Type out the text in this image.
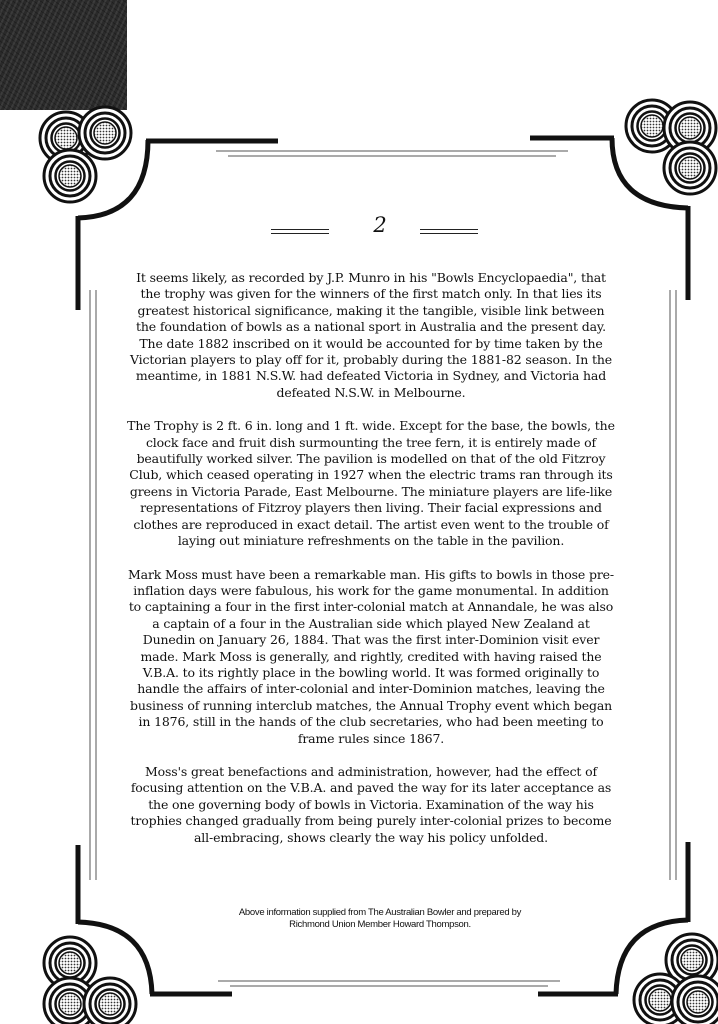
2

It seems likely, as recorded by J.P. Munro in his "Bowls Encyclopaedia", that the trophy was given for the winners of the first match only. In that lies its greatest historical significance, making it the tangible, visible link between the foundation of bowls as a national sport in Australia and the present day. The date 1882 inscribed on it would be accounted for by time taken by the Victorian players to play off for it, probably during the 1881-82 season. In the meantime, in 1881 N.S.W. had defeated Victoria in Sydney, and Victoria had defeated N.S.W. in Melbourne.

The Trophy is 2 ft. 6 in. long and 1 ft. wide. Except for the base, the bowls, the clock face and fruit dish surmounting the tree fern, it is entirely made of beautifully worked silver. The pavilion is modelled on that of the old Fitzroy Club, which ceased operating in 1927 when the electric trams ran through its greens in Victoria Parade, East Melbourne. The miniature players are life-like representations of Fitzroy players then living. Their facial expressions and clothes are reproduced in exact detail. The artist even went to the trouble of laying out miniature refreshments on the table in the pavilion.

Mark Moss must have been a remarkable man. His gifts to bowls in those pre-inflation days were fabulous, his work for the game monumental. In addition to captaining a four in the first inter-colonial match at Annandale, he was also a captain of a four in the Australian side which played New Zealand at Dunedin on January 26, 1884. That was the first inter-Dominion visit ever made. Mark Moss is generally, and rightly, credited with having raised the V.B.A. to its rightly place in the bowling world. It was formed originally to handle the affairs of inter-colonial and inter-Dominion matches, leaving the business of running interclub matches, the Annual Trophy event which began in 1876, still in the hands of the club secretaries, who had been meeting to frame rules since 1867.

Moss's great benefactions and administration, however, had the effect of focusing attention on the V.B.A. and paved the way for its later acceptance as the one governing body of bowls in Victoria. Examination of the way his trophies changed gradually from being purely inter-colonial prizes to become all-embracing, shows clearly the way his policy unfolded.

Above information supplied from The Australian Bowler and prepared by
Richmond Union Member Howard Thompson.
